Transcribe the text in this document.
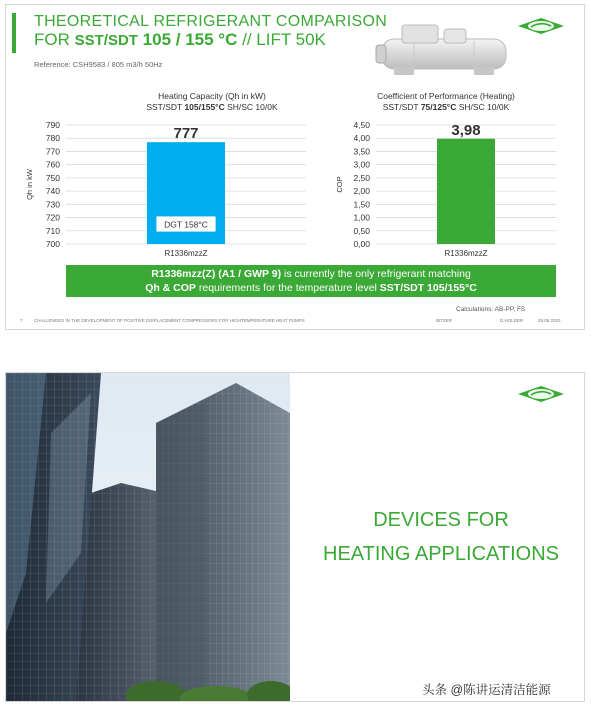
THEORETICAL REFRIGERANT COMPARISON
FOR SST/SDT 105 / 155 °C // LIFT 50K
Reference: CSH9583 / 805 m3/h 50Hz
Heating Capacity (Qh in kW)
SST/SDT 105/155°C SH/SC 10/0K
700
710
720
730
740
750
760
770
780
790
Qh in kW
777
R1336mzzZ
DGT 158°C
Coefficient of Performance (Heating)
SST/SDT 75/125°C SH/SC 10/0K
0,00
0,50
1,00
1,50
2,00
2,50
3,00
3,50
4,00
4,50
COP
3,98
R1336mzzZ
R1336mzz(Z) (A1 / GWP 9) is currently the only refrigerant matching
Qh & COP requirements for the temperature level SST/SDT 105/155°C
Calculations: AB-PP, FS
7	CHALLENGES IN THE DEVELOPMENT OF POSITIVE DISPLACEMENT COMPRESSORS FOR HIGHTEMPERATURE HEAT PUMPS	BITZER	D.HOLDER	28.06.2023
DEVICES FOR
HEATING APPLICATIONS
头条 @陈讲运清洁能源
